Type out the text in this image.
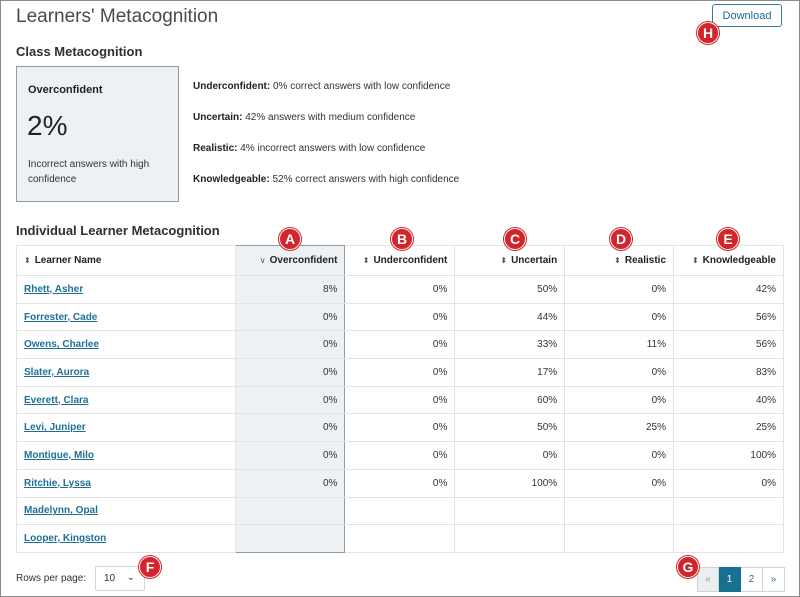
Learners' Metacognition	Download
Class Metacognition
Overconfident
2%
Incorrect answers with high confidence
Underconfident: 0% correct answers with low confidence
Uncertain: 42% answers with medium confidence
Realistic: 4% incorrect answers with low confidence
Knowledgeable: 52% correct answers with high confidence
Individual Learner Metacognition
⬍ Learner Name	∨ Overconfident	⬍ Underconfident	⬍ Uncertain	⬍ Realistic	⬍ Knowledgeable
Rhett, Asher	8%	0%	50%	0%	42%
Forrester, Cade	0%	0%	44%	0%	56%
Owens, Charlee	0%	0%	33%	11%	56%
Slater, Aurora	0%	0%	17%	0%	83%
Everett, Clara	0%	0%	60%	0%	40%
Levi, Juniper	0%	0%	50%	25%	25%
Montigue, Milo	0%	0%	0%	0%	100%
Ritchie, Lyssa	0%	0%	100%	0%	0%
Madelynn, Opal					
Looper, Kingston					
Rows per page: 10 ⌄	«	1	2	»
A	B	C	D	E
F	G
H
